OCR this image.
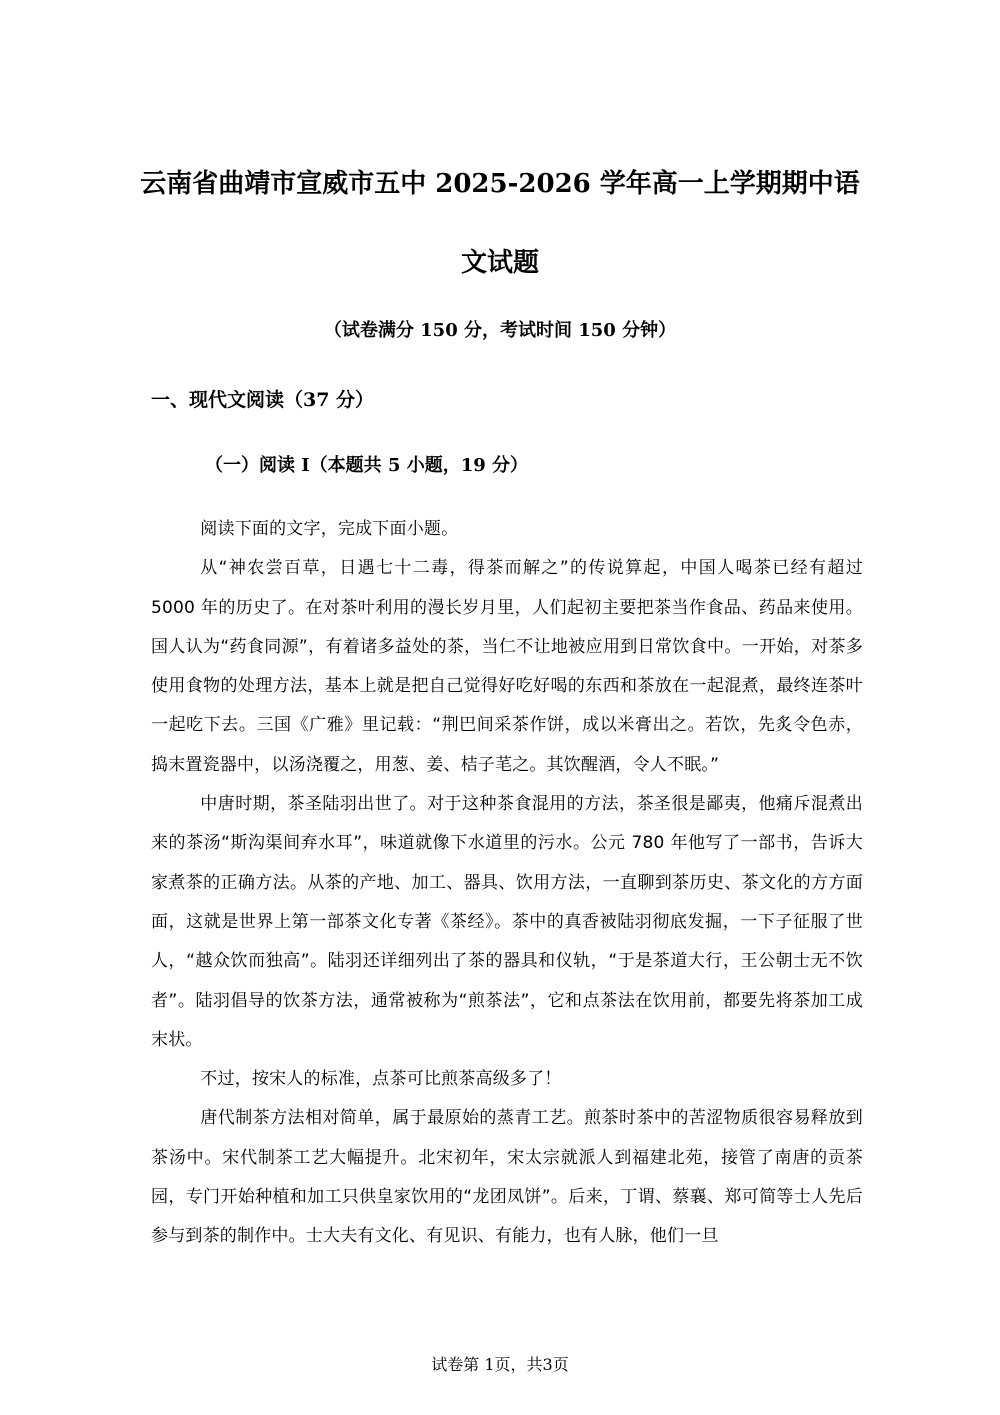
云南省曲靖市宣威市五中 2025-2026 学年高一上学期期中语
文试题
（试卷满分 150 分，考试时间 150 分钟）
一、现代文阅读（37 分）
（一）阅读 I（本题共 5 小题，19 分）

阅读下面的文字，完成下面小题。

从“神农尝百草，日遇七十二毒，得茶而解之”的传说算起，中国人喝茶已经有超过 5000 年的历史了。在对茶叶利用的漫长岁月里，人们起初主要把茶当作食品、药品来使用。国人认为“药食同源”，有着诸多益处的茶，当仁不让地被应用到日常饮食中。一开始，对茶多使用食物的处理方法，基本上就是把自己觉得好吃好喝的东西和茶放在一起混煮，最终连茶叶一起吃下去。三国《广雅》里记载：“荆巴间采茶作饼，成以米膏出之。若饮，先炙令色赤，捣末置瓷器中，以汤浇覆之，用葱、姜、桔子芼之。其饮醒酒，令人不眠。”

中唐时期，茶圣陆羽出世了。对于这种茶食混用的方法，茶圣很是鄙夷，他痛斥混煮出来的茶汤“斯沟渠间弃水耳”，味道就像下水道里的污水。公元 780 年他写了一部书，告诉大家煮茶的正确方法。从茶的产地、加工、器具、饮用方法，一直聊到茶历史、茶文化的方方面面，这就是世界上第一部茶文化专著《茶经》。茶中的真香被陆羽彻底发掘，一下子征服了世人，“越众饮而独高”。陆羽还详细列出了茶的器具和仪轨，“于是茶道大行，王公朝士无不饮者”。陆羽倡导的饮茶方法，通常被称为“煎茶法”，它和点茶法在饮用前，都要先将茶加工成末状。

不过，按宋人的标准，点茶可比煎茶高级多了！

唐代制茶方法相对简单，属于最原始的蒸青工艺。煎茶时茶中的苦涩物质很容易释放到茶汤中。宋代制茶工艺大幅提升。北宋初年，宋太宗就派人到福建北苑，接管了南唐的贡茶园，专门开始种植和加工只供皇家饮用的“龙团凤饼”。后来，丁谓、蔡襄、郑可简等士人先后参与到茶的制作中。士大夫有文化、有见识、有能力，也有人脉，他们一旦

试卷第 1页，共3页
